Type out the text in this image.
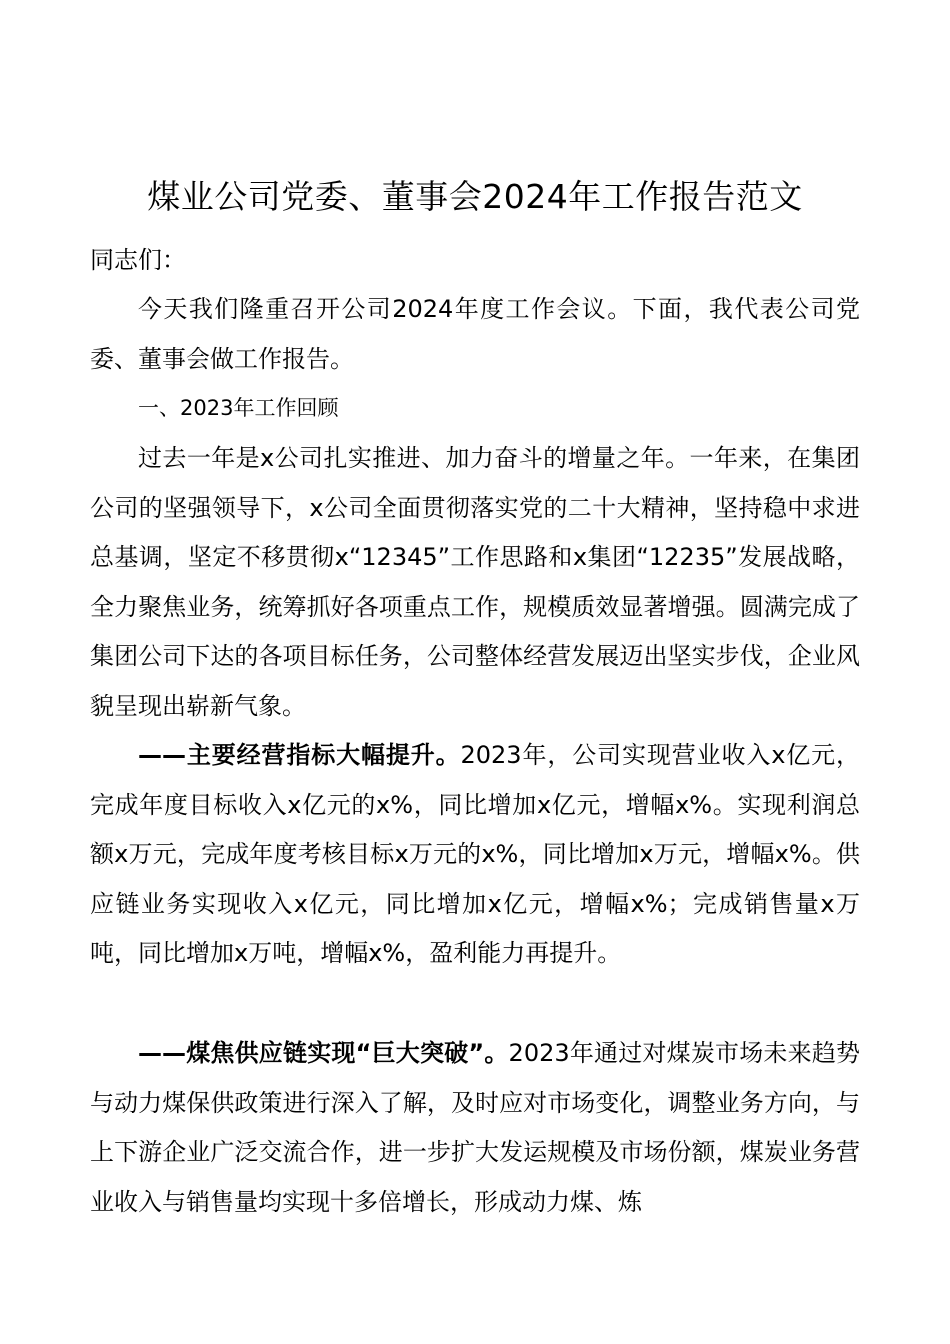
煤业公司党委、董事会2024年工作报告范文

同志们：

今天我们隆重召开公司2024年度工作会议。下面，我代表公司党委、董事会做工作报告。

一、2023年工作回顾

过去一年是x公司扎实推进、加力奋斗的增量之年。一年来，在集团公司的坚强领导下，x公司全面贯彻落实党的二十大精神，坚持稳中求进总基调，坚定不移贯彻x“12345”工作思路和x集团“12235”发展战略，全力聚焦业务，统筹抓好各项重点工作，规模质效显著增强。圆满完成了集团公司下达的各项目标任务，公司整体经营发展迈出坚实步伐，企业风貌呈现出崭新气象。

——主要经营指标大幅提升。2023年，公司实现营业收入x亿元，完成年度目标收入x亿元的x%，同比增加x亿元，增幅x%。实现利润总额x万元，完成年度考核目标x万元的x%，同比增加x万元，增幅x%。供应链业务实现收入x亿元，同比增加x亿元，增幅x%；完成销售量x万吨，同比增加x万吨，增幅x%，盈利能力再提升。

——煤焦供应链实现“巨大突破”。2023年通过对煤炭市场未来趋势与动力煤保供政策进行深入了解，及时应对市场变化，调整业务方向，与上下游企业广泛交流合作，进一步扩大发运规模及市场份额，煤炭业务营业收入与销售量均实现十多倍增长，形成动力煤、炼
